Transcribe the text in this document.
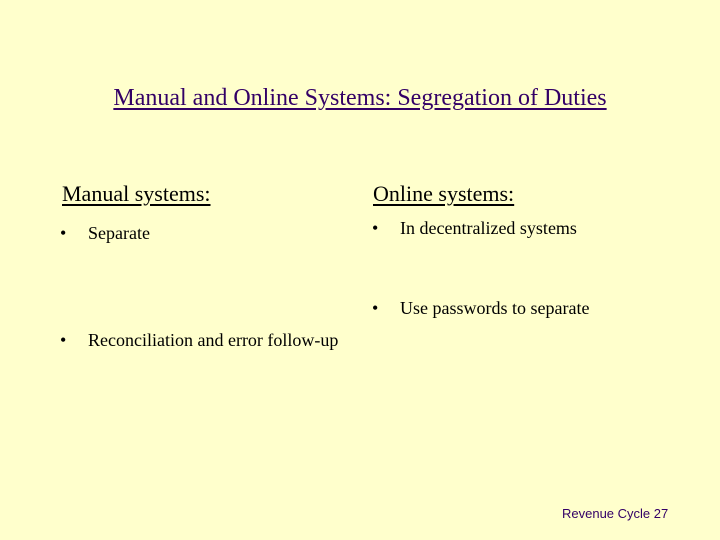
Manual and Online Systems: Segregation of Duties
Manual systems:	Online systems:
• Separate
• Reconciliation and error follow-up
• In decentralized systems
• Use passwords to separate
Revenue Cycle 27
